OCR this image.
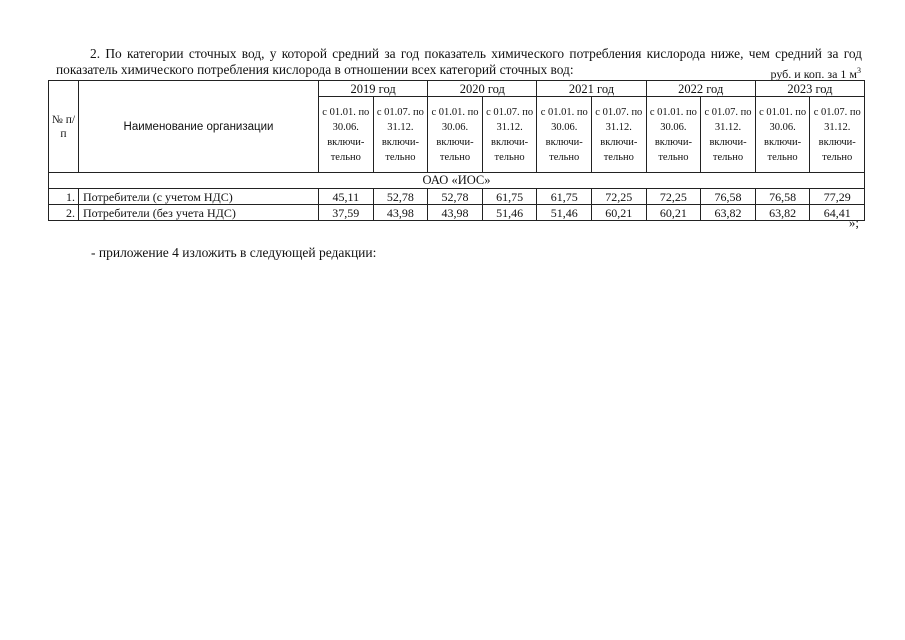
2. По категории сточных вод, у которой средний за год показатель химического потребления кислорода ниже, чем средний за год показатель химического потребления кислорода в отношении всех категорий сточных вод:	руб. и коп. за 1 $м^3$
№ п/п	Наименование организации	2019 год		2020 год		2021 год		2022 год		2023 год	
		с 01.01. по 30.06. включи-тельно	с 01.07. по 31.12. включи-тельно	с 01.01. по 30.06. включи-тельно	с 01.07. по 31.12. включи-тельно	с 01.01. по 30.06. включи-тельно	с 01.07. по 31.12. включи-тельно	с 01.01. по 30.06. включи-тельно	с 01.07. по 31.12. включи-тельно	с 01.01. по 30.06. включи-тельно	с 01.07. по 31.12. включи-тельно
ОАО «ИОС»											
1.	Потребители (с учетом НДС)	45,11	52,78	52,78	61,75	61,75	72,25	72,25	76,58	76,58	77,29
2.	Потребители (без учета НДС)	37,59	43,98	43,98	51,46	51,46	60,21	60,21	63,82	63,82	64,41
»;
- приложение 4 изложить в следующей редакции:
